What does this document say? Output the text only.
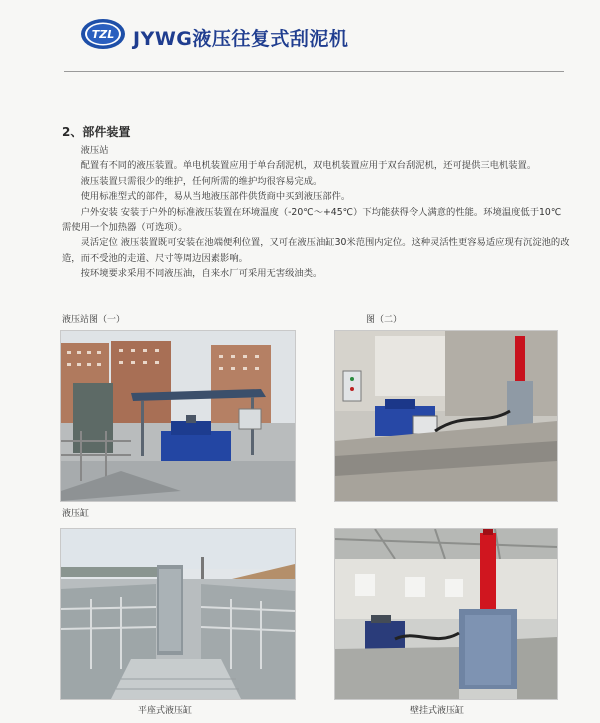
TZL JYWG液压往复式刮泥机
2、部件装置

液压站

配置有不同的液压装置。单电机装置应用于单台刮泥机，双电机装置应用于双台刮泥机，还可提供三电机装置。

液压装置只需很少的维护，任何所需的维护均很容易完成。

使用标准型式的部件，易从当地液压部件供货商中买到液压部件。

户外安装 安装于户外的标准液压装置在环境温度（-20℃～+45℃）下均能获得令人满意的性能。环境温度低于10℃需使用一个加热器（可选项）。

灵活定位 液压装置既可安装在池端便利位置，又可在液压油缸30米范围内定位。这种灵活性更容易适应现有沉淀池的改造，而不受池的走道、尺寸等周边因素影响。

按环境要求采用不同液压油，自来水厂可采用无害级油类。

液压站图（一）	图（二）
液压缸
平座式液压缸	壁挂式液压缸
